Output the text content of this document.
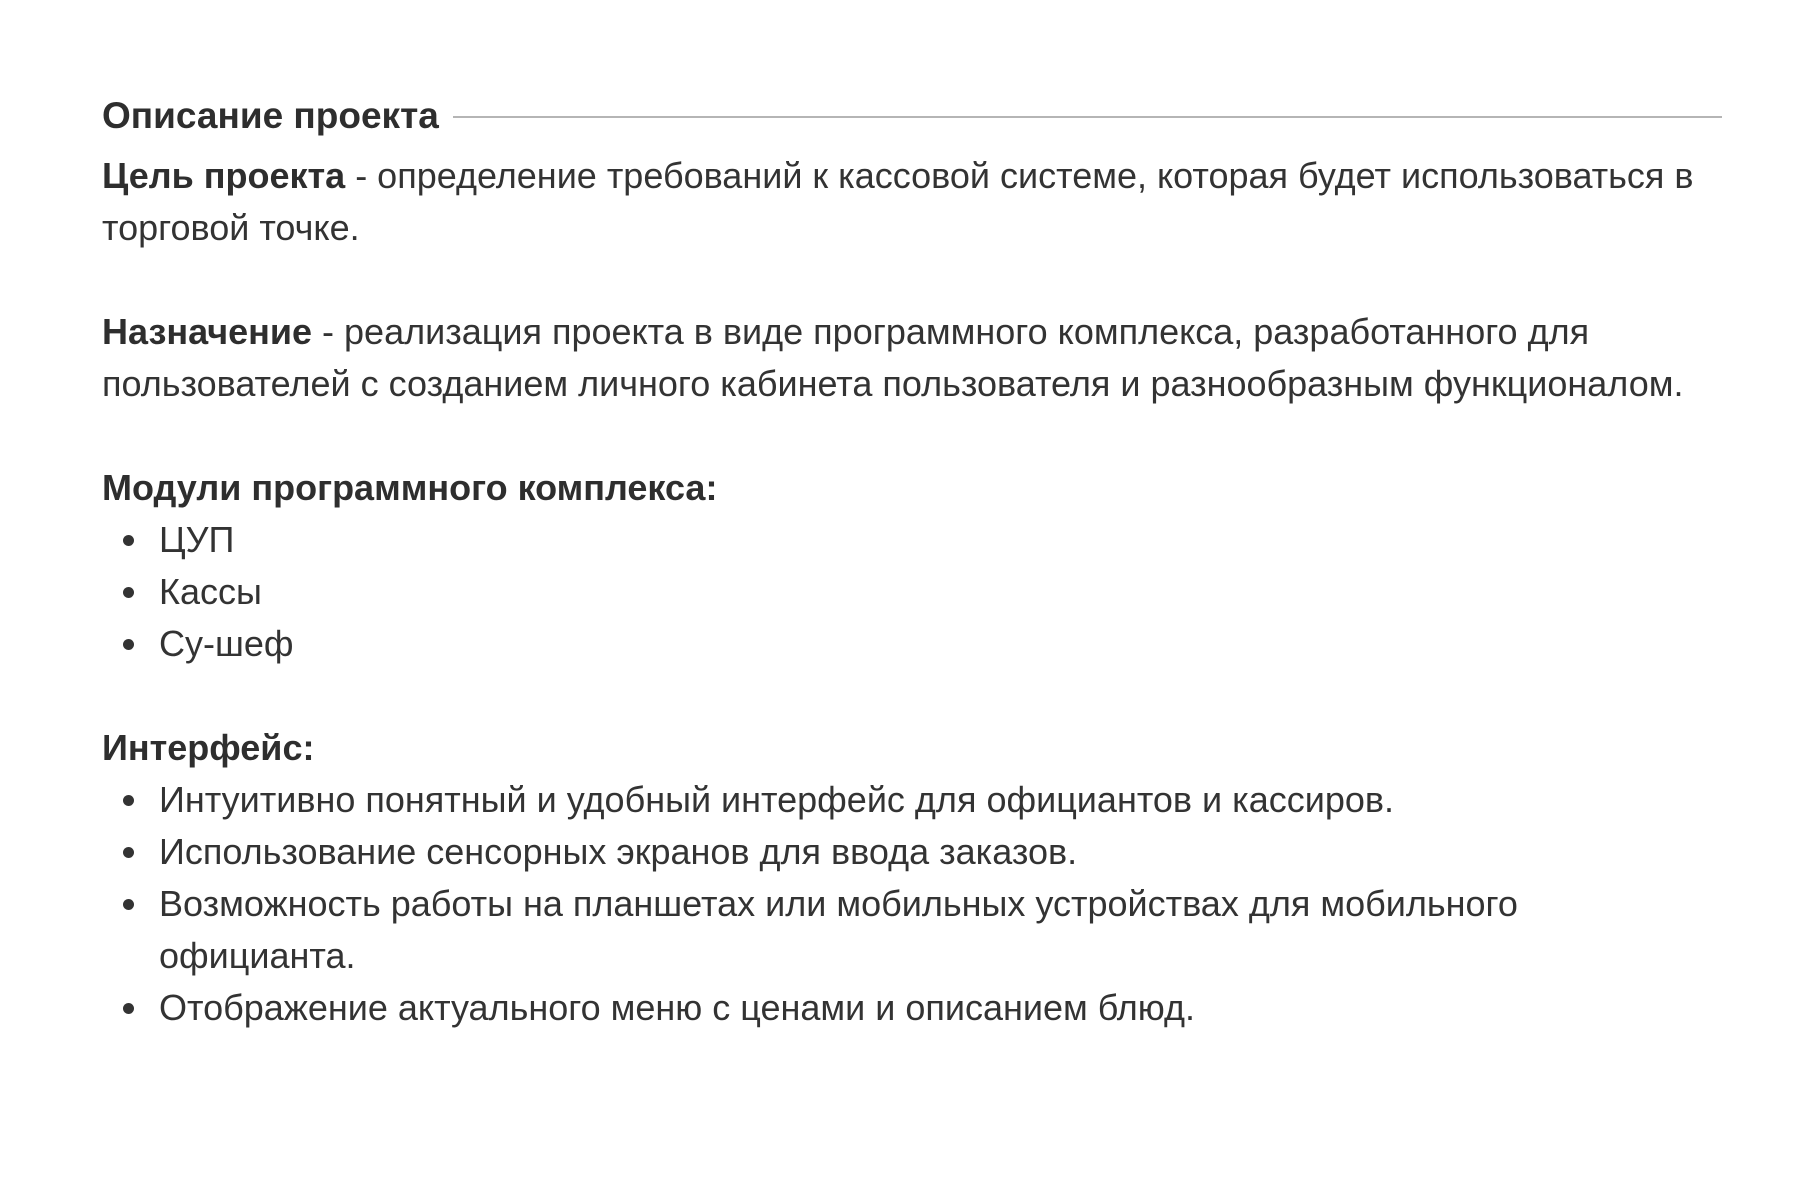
Описание проекта

Цель проекта - определение требований к кассовой системе, которая будет использоваться в торговой точке.

Назначение - реализация проекта в виде программного комплекса, разработанного для пользователей с созданием личного кабинета пользователя и разнообразным функционалом.

Модули программного комплекса:

ЦУП
Кассы
Су-шеф

Интерфейс:

Интуитивно понятный и удобный интерфейс для официантов и кассиров.
Использование сенсорных экранов для ввода заказов.
Возможность работы на планшетах или мобильных устройствах для мобильного официанта.
Отображение актуального меню с ценами и описанием блюд.
